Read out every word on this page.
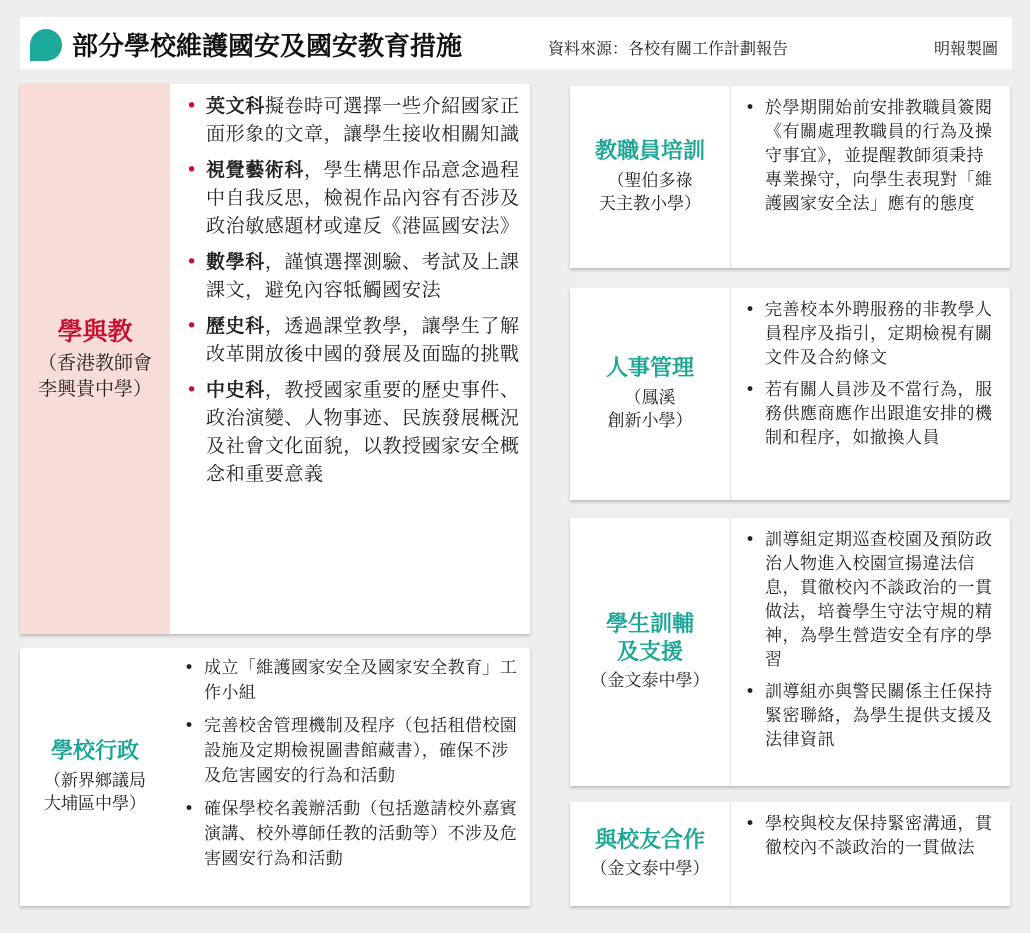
部分學校維護國安及國安教育措施	資料來源：各校有關工作計劃報告	明報製圖
學與教
（香港教師會
李興貴中學）
• 英文科擬卷時可選擇一些介紹國家正面形象的文章，讓學生接收相關知識
• 視覺藝術科，學生構思作品意念過程中自我反思，檢視作品內容有否涉及政治敏感題材或違反《港區國安法》
• 數學科，謹慎選擇測驗、考試及上課課文，避免內容牴觸國安法
• 歷史科，透過課堂教學，讓學生了解改革開放後中國的發展及面臨的挑戰
• 中史科，教授國家重要的歷史事件、政治演變、人物事迹、民族發展概況及社會文化面貌，以教授國家安全概念和重要意義
學校行政
（新界鄉議局
大埔區中學）
• 成立「維護國家安全及國家安全教育」工作小組
• 完善校舍管理機制及程序（包括租借校園設施及定期檢視圖書館藏書），確保不涉及危害國安的行為和活動
• 確保學校名義辦活動（包括邀請校外嘉賓演講、校外導師任教的活動等）不涉及危害國安行為和活動
教職員培訓
（聖伯多祿
天主教小學）
• 於學期開始前安排教職員簽閱《有關處理教職員的行為及操守事宜》，並提醒教師須秉持專業操守，向學生表現對「維護國家安全法」應有的態度
人事管理
（鳳溪
創新小學）
• 完善校本外聘服務的非教學人員程序及指引，定期檢視有關文件及合約條文
• 若有關人員涉及不當行為，服務供應商應作出跟進安排的機制和程序，如撤換人員
學生訓輔
及支援
（金文泰中學）
• 訓導組定期巡查校園及預防政治人物進入校園宣揚違法信息，貫徹校內不談政治的一貫做法，培養學生守法守規的精神，為學生營造安全有序的學習
• 訓導組亦與警民關係主任保持緊密聯絡，為學生提供支援及法律資訊
與校友合作
（金文泰中學）
• 學校與校友保持緊密溝通，貫徹校內不談政治的一貫做法
